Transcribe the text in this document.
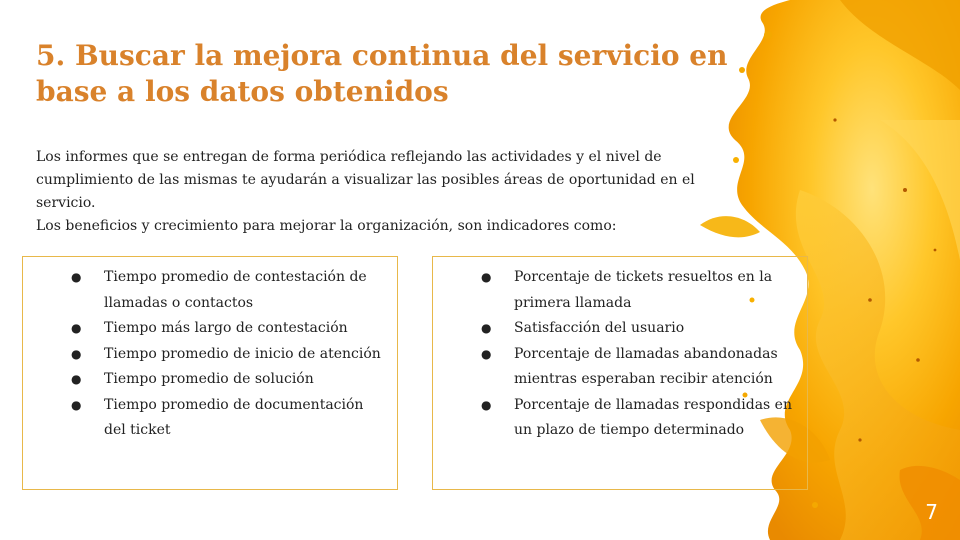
5. Buscar la mejora continua del servicio en base a los datos obtenidos

Los informes que se entregan de forma periódica reflejando las actividades y el nivel de cumplimiento de las mismas te ayudarán a visualizar las posibles áreas de oportunidad en el servicio.

Los beneficios y crecimiento para mejorar la organización, son indicadores como:

● Tiempo promedio de contestación de llamadas o contactos
● Tiempo más largo de contestación
● Tiempo promedio de inicio de atención
● Tiempo promedio de solución
● Tiempo promedio de documentación del ticket
● Porcentaje de tickets resueltos en la primera llamada
● Satisfacción del usuario
● Porcentaje de llamadas abandonadas mientras esperaban recibir atención
● Porcentaje de llamadas respondidas en un plazo de tiempo determinado
7
